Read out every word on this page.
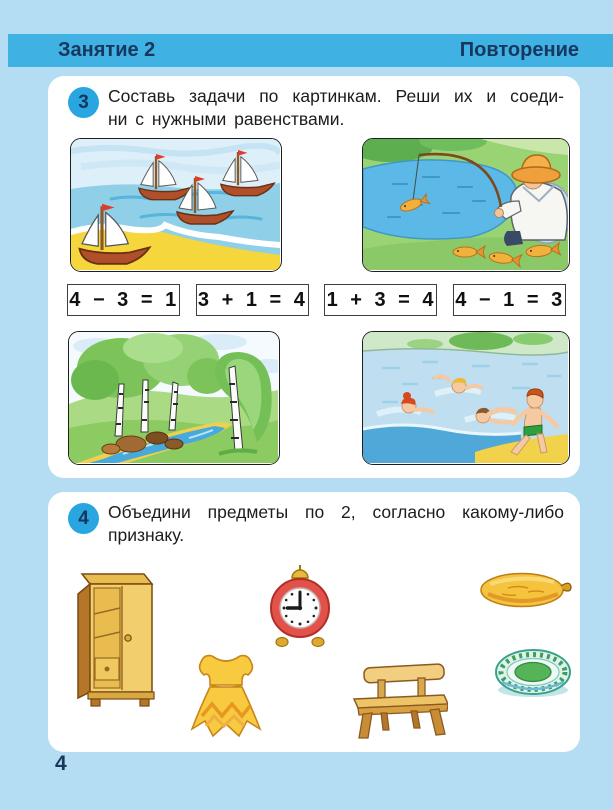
Занятие 2	Повторение
3	Составь задачи по картинкам. Реши их и соеди-
ни с нужными равенствами.
4 − 3 = 1 3 + 1 = 4 1 + 3 = 4 4 − 1 = 3
4	Объедини предметы по 2, согласно какому-либо
признаку.
4
